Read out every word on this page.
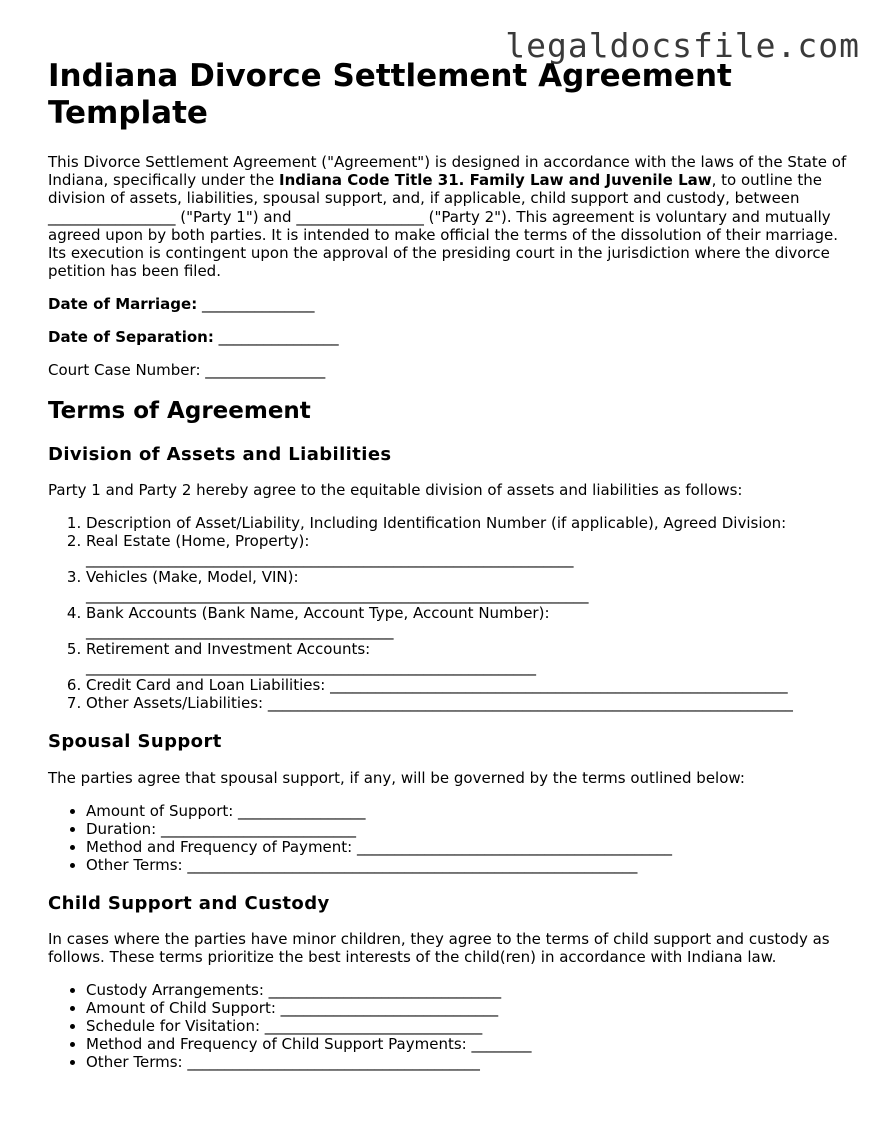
legaldocsfile.com
Indiana Divorce Settlement Agreement Template

This Divorce Settlement Agreement ("Agreement") is designed in accordance with the laws of the State of Indiana, specifically under the Indiana Code Title 31. Family Law and Juvenile Law, to outline the division of assets, liabilities, spousal support, and, if applicable, child support and custody, between _________________ ("Party 1") and _________________ ("Party 2"). This agreement is voluntary and mutually agreed upon by both parties. It is intended to make official the terms of the dissolution of their marriage. Its execution is contingent upon the approval of the presiding court in the jurisdiction where the divorce petition has been filed.

Date of Marriage: _______________

Date of Separation: ________________

Court Case Number: ________________

Terms of Agreement
Division of Assets and Liabilities

Party 1 and Party 2 hereby agree to the equitable division of assets and liabilities as follows:

1. Description of Asset/Liability, Including Identification Number (if applicable), Agreed Division:
2. Real Estate (Home, Property):
_________________________________________________________________
3. Vehicles (Make, Model, VIN):
___________________________________________________________________
4. Bank Accounts (Bank Name, Account Type, Account Number):
_________________________________________
5. Retirement and Investment Accounts:
____________________________________________________________
6. Credit Card and Loan Liabilities: _____________________________________________________________
7. Other Assets/Liabilities: ______________________________________________________________________
Spousal Support

The parties agree that spousal support, if any, will be governed by the terms outlined below:

• Amount of Support: _________________
• Duration: __________________________
• Method and Frequency of Payment: __________________________________________
• Other Terms: ____________________________________________________________
Child Support and Custody

In cases where the parties have minor children, they agree to the terms of child support and custody as follows. These terms prioritize the best interests of the child(ren) in accordance with Indiana law.

• Custody Arrangements: _______________________________
• Amount of Child Support: _____________________________
• Schedule for Visitation: _____________________________
• Method and Frequency of Child Support Payments: ________
• Other Terms: _______________________________________
